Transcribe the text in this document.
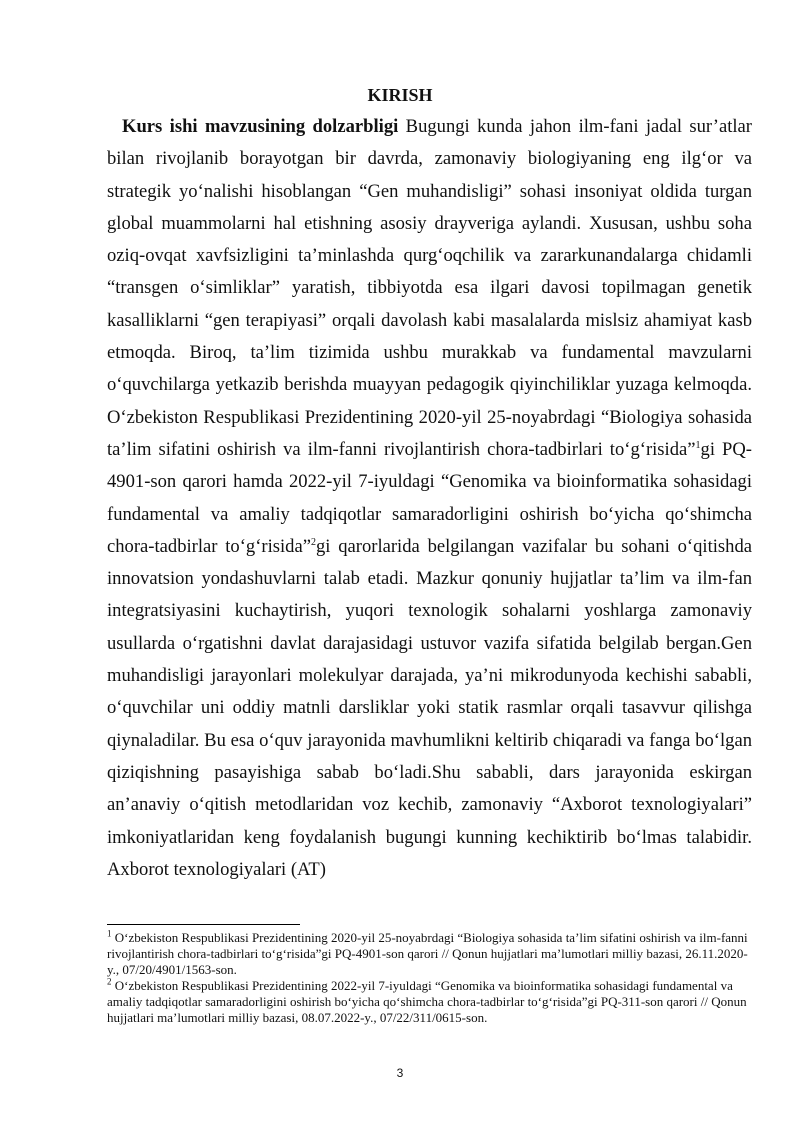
KIRISH

Kurs ishi mavzusining dolzarbligi Bugungi kunda jahon ilm-fani jadal sur’atlar bilan rivojlanib borayotgan bir davrda, zamonaviy biologiyaning eng ilg‘or va strategik yo‘nalishi hisoblangan “Gen muhandisligi” sohasi insoniyat oldida turgan global muammolarni hal etishning asosiy drayveriga aylandi. Xususan, ushbu soha oziq-ovqat xavfsizligini ta’minlashda qurg‘oqchilik va zararkunandalarga chidamli “transgen o‘simliklar” yaratish, tibbiyotda esa ilgari davosi topilmagan genetik kasalliklarni “gen terapiyasi” orqali davolash kabi masalalarda mislsiz ahamiyat kasb etmoqda. Biroq, ta’lim tizimida ushbu murakkab va fundamental mavzularni o‘quvchilarga yetkazib berishda muayyan pedagogik qiyinchiliklar yuzaga kelmoqda. O‘zbekiston Respublikasi Prezidentining 2020-yil 25-noyabrdagi “Biologiya sohasida ta’lim sifatini oshirish va ilm-fanni rivojlantirish chora-tadbirlari to‘g‘risida”$^1$gi PQ-4901-son qarori hamda 2022-yil 7-iyuldagi “Genomika va bioinformatika sohasidagi fundamental va amaliy tadqiqotlar samaradorligini oshirish bo‘yicha qo‘shimcha chora-tadbirlar to‘g‘risida”$^2$gi qarorlarida belgilangan vazifalar bu sohani o‘qitishda innovatsion yondashuvlarni talab etadi. Mazkur qonuniy hujjatlar ta’lim va ilm-fan integratsiyasini kuchaytirish, yuqori texnologik sohalarni yoshlarga zamonaviy usullarda o‘rgatishni davlat darajasidagi ustuvor vazifa sifatida belgilab bergan.Gen muhandisligi jarayonlari molekulyar darajada, ya’ni mikrodunyoda kechishi sababli, o‘quvchilar uni oddiy matnli darsliklar yoki statik rasmlar orqali tasavvur qilishga qiynaladilar. Bu esa o‘quv jarayonida mavhumlikni keltirib chiqaradi va fanga bo‘lgan qiziqishning pasayishiga sabab bo‘ladi.Shu sababli, dars jarayonida eskirgan an’anaviy o‘qitish metodlaridan voz kechib, zamonaviy “Axborot texnologiyalari” imkoniyatlaridan keng foydalanish bugungi kunning kechiktirib bo‘lmas talabidir. Axborot texnologiyalari (AT)

$^1$ O‘zbekiston Respublikasi Prezidentining 2020-yil 25-noyabrdagi “Biologiya sohasida ta’lim sifatini oshirish va ilm-fanni rivojlantirish chora-tadbirlari to‘g‘risida”gi PQ-4901-son qarori // Qonun hujjatlari ma’lumotlari milliy bazasi, 26.11.2020-y., 07/20/4901/1563-son.

$^2$ O‘zbekiston Respublikasi Prezidentining 2022-yil 7-iyuldagi “Genomika va bioinformatika sohasidagi fundamental va amaliy tadqiqotlar samaradorligini oshirish bo‘yicha qo‘shimcha chora-tadbirlar to‘g‘risida”gi PQ-311-son qarori // Qonun hujjatlari ma’lumotlari milliy bazasi, 08.07.2022-y., 07/22/311/0615-son.

3
